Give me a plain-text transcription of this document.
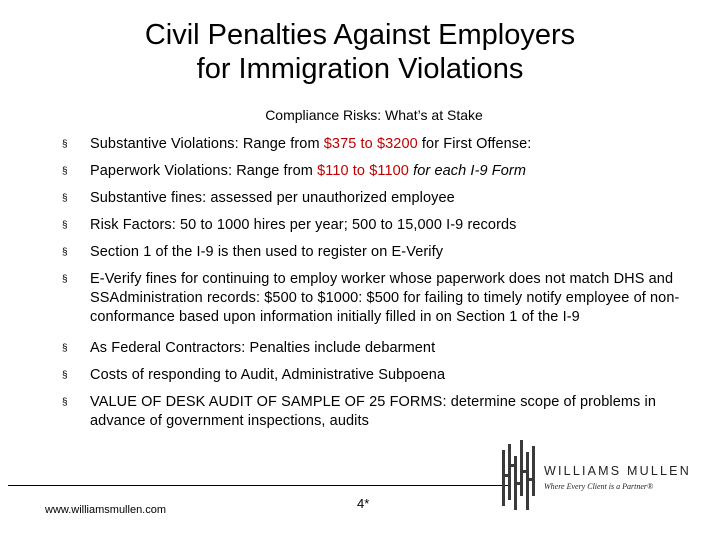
Civil Penalties Against Employers
for Immigration Violations
Compliance Risks: What’s at Stake
§ Substantive Violations: Range from $375 to $3200 for First Offense:
§ Paperwork Violations: Range from $110 to $1100 for each I-9 Form
§ Substantive fines: assessed per unauthorized employee
§ Risk Factors: 50 to 1000 hires per year; 500 to 15,000 I-9 records
§ Section 1 of the I-9 is then used to register on E-Verify
§ E-Verify fines for continuing to employ worker whose paperwork does not match DHS and SSAdministration records: $500 to $1000: $500 for failing to timely notify employee of non-conformance based upon information initially filled in on Section 1 of the I-9
§ As Federal Contractors: Penalties include debarment
§ Costs of responding to Audit, Administrative Subpoena
§ VALUE OF DESK AUDIT OF SAMPLE OF 25 FORMS: determine scope of problems in advance of government inspections, audits
www.williamsmullen.com	4*
WILLIAMS MULLEN
Where Every Client is a Partner®
